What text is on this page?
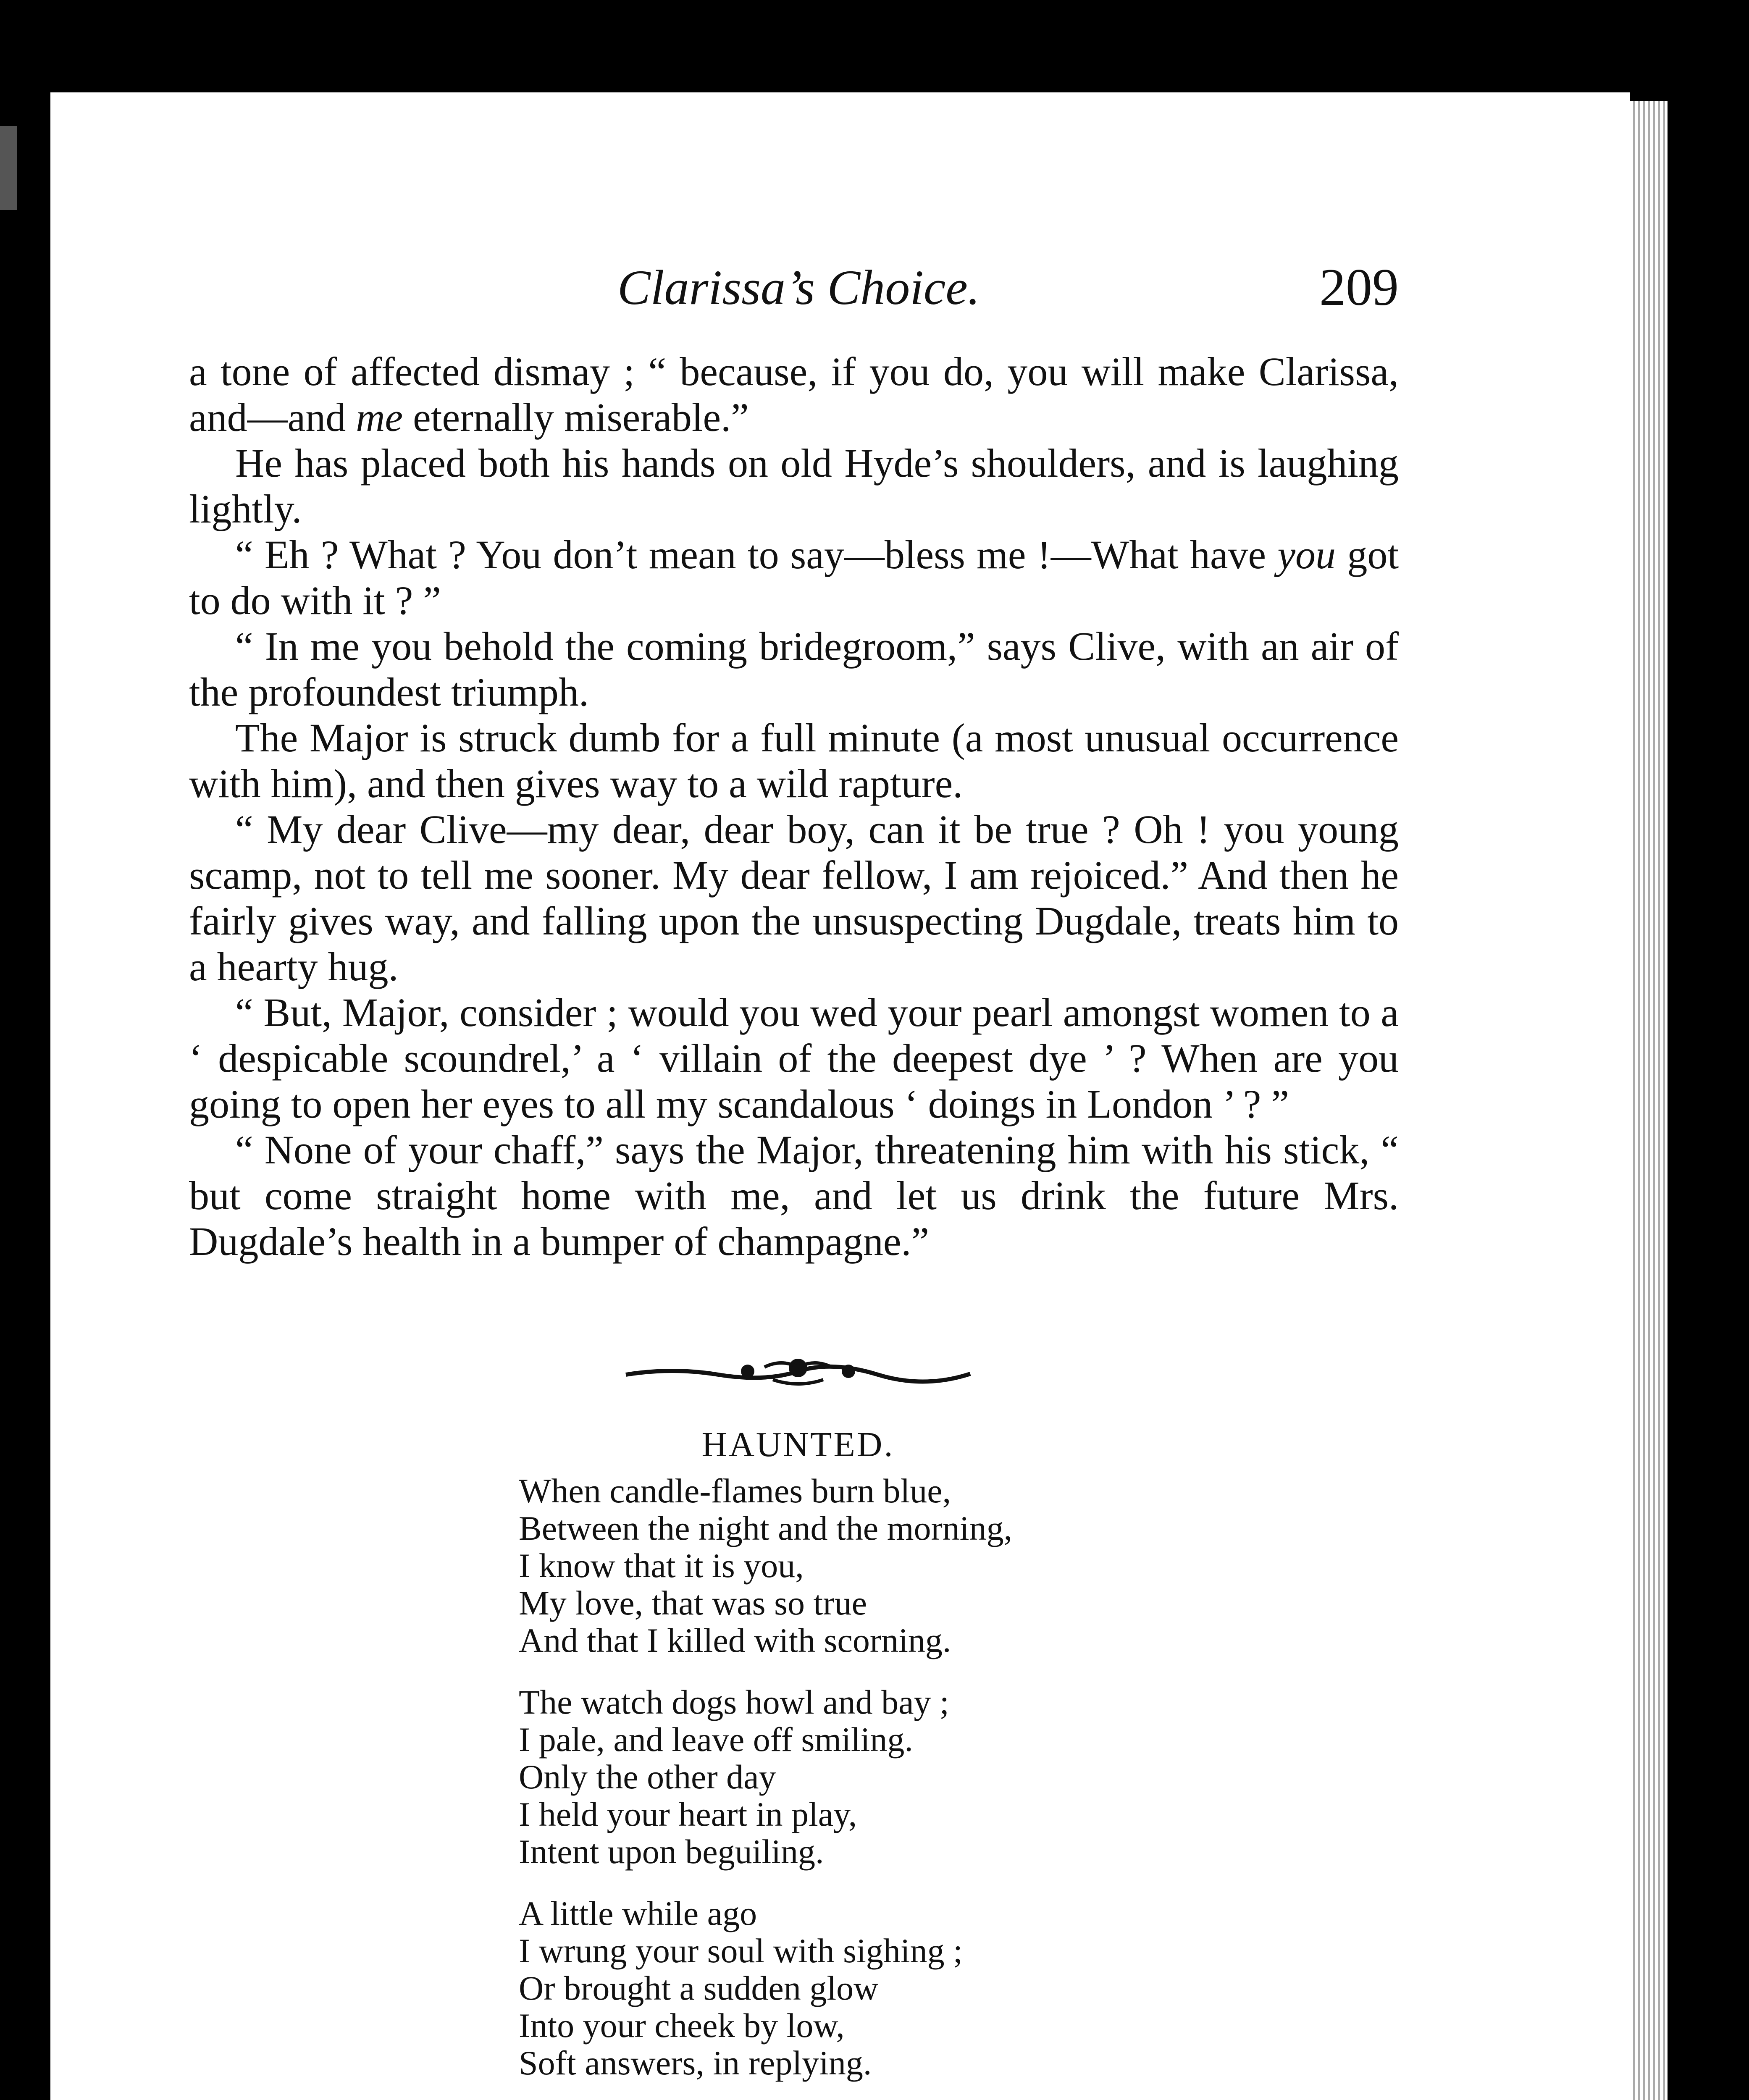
Clarissa’s Choice.	209

a tone of affected dismay ; “ because, if you do, you will make Clarissa, and—and me eternally miserable.”

He has placed both his hands on old Hyde’s shoulders, and is laughing lightly.

“ Eh ? What ? You don’t mean to say—bless me !—What have you got to do with it ? ”

“ In me you behold the coming bridegroom,” says Clive, with an air of the profoundest triumph.

The Major is struck dumb for a full minute (a most unusual occurrence with him), and then gives way to a wild rapture.

“ My dear Clive—my dear, dear boy, can it be true ? Oh ! you young scamp, not to tell me sooner. My dear fellow, I am rejoiced.” And then he fairly gives way, and falling upon the unsuspecting Dugdale, treats him to a hearty hug.

“ But, Major, consider ; would you wed your pearl amongst women to a ‘ despicable scoundrel,’ a ‘ villain of the deepest dye ’ ? When are you going to open her eyes to all my scandalous ‘ doings in London ’ ? ”

“ None of your chaff,” says the Major, threatening him with his stick, “ but come straight home with me, and let us drink the future Mrs. Dugdale’s health in a bumper of champagne.”

HAUNTED.
When candle-flames burn blue,
Between the night and the morning,
I know that it is you,
My love, that was so true
And that I killed with scorning.
The watch dogs howl and bay ;
I pale, and leave off smiling.
Only the other day
I held your heart in play,
Intent upon beguiling.
A little while ago
I wrung your soul with sighing ;
Or brought a sudden glow
Into your cheek by low,
Soft answers, in replying.
